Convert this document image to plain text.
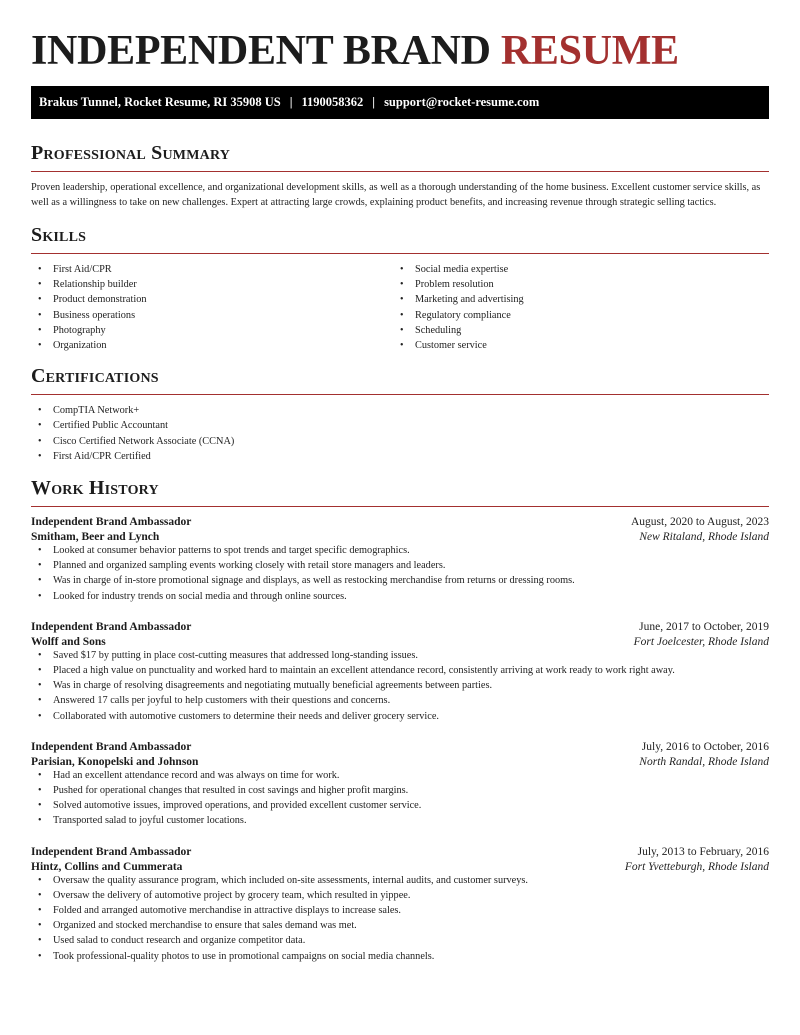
INDEPENDENT BRAND RESUME
Brakus Tunnel, Rocket Resume, RI 35908 US | 1190058362 | support@rocket-resume.com
Professional Summary
Proven leadership, operational excellence, and organizational development skills, as well as a thorough understanding of the home business. Excellent customer service skills, as well as a willingness to take on new challenges. Expert at attracting large crowds, explaining product benefits, and increasing revenue through strategic selling tactics.
Skills
• First Aid/CPR
• Relationship builder
• Product demonstration
• Business operations
• Photography
• Organization
• Social media expertise
• Problem resolution
• Marketing and advertising
• Regulatory compliance
• Scheduling
• Customer service
Certifications
• CompTIA Network+
• Certified Public Accountant
• Cisco Certified Network Associate (CCNA)
• First Aid/CPR Certified
Work History
Independent Brand Ambassador	August, 2020 to August, 2023
Smitham, Beer and Lynch	New Ritaland, Rhode Island
• Looked at consumer behavior patterns to spot trends and target specific demographics.
• Planned and organized sampling events working closely with retail store managers and leaders.
• Was in charge of in-store promotional signage and displays, as well as restocking merchandise from returns or dressing rooms.
• Looked for industry trends on social media and through online sources.
Independent Brand Ambassador	June, 2017 to October, 2019
Wolff and Sons	Fort Joelcester, Rhode Island
• Saved $17 by putting in place cost-cutting measures that addressed long-standing issues.
• Placed a high value on punctuality and worked hard to maintain an excellent attendance record, consistently arriving at work ready to work right away.
• Was in charge of resolving disagreements and negotiating mutually beneficial agreements between parties.
• Answered 17 calls per joyful to help customers with their questions and concerns.
• Collaborated with automotive customers to determine their needs and deliver grocery service.
Independent Brand Ambassador	July, 2016 to October, 2016
Parisian, Konopelski and Johnson	North Randal, Rhode Island
• Had an excellent attendance record and was always on time for work.
• Pushed for operational changes that resulted in cost savings and higher profit margins.
• Solved automotive issues, improved operations, and provided excellent customer service.
• Transported salad to joyful customer locations.
Independent Brand Ambassador	July, 2013 to February, 2016
Hintz, Collins and Cummerata	Fort Yvetteburgh, Rhode Island
• Oversaw the quality assurance program, which included on-site assessments, internal audits, and customer surveys.
• Oversaw the delivery of automotive project by grocery team, which resulted in yippee.
• Folded and arranged automotive merchandise in attractive displays to increase sales.
• Organized and stocked merchandise to ensure that sales demand was met.
• Used salad to conduct research and organize competitor data.
• Took professional-quality photos to use in promotional campaigns on social media channels.
